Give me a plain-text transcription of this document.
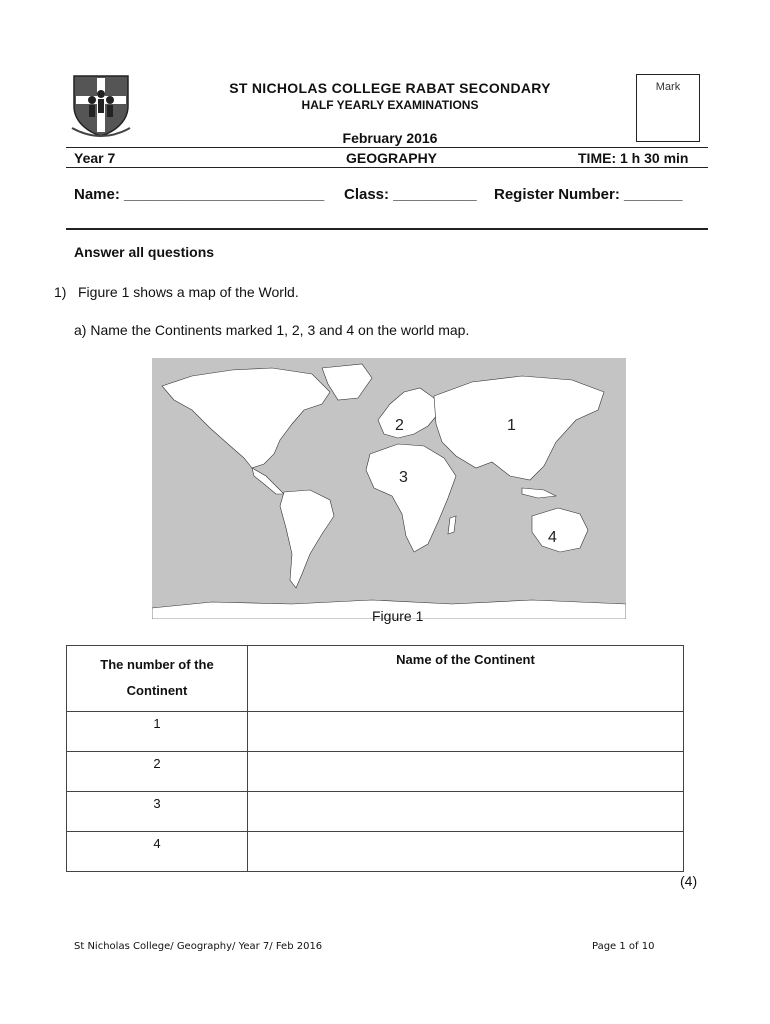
ST NICHOLAS COLLEGE RABAT SECONDARY
HALF YEARLY EXAMINATIONS
February 2016
Mark
Year 7	GEOGRAPHY	TIME: 1 h 30 min
Name: ________________________ Class: __________ Register Number: _______
Answer all questions
1) Figure 1 shows a map of the World.
a) Name the Continents marked 1, 2, 3 and 4 on the world map.
1
2
3
4
Figure 1
The number of the
Continent	Name of the Continent
1	
2	
3	
4	
(4)
St Nicholas College/ Geography/ Year 7/ Feb 2016	Page 1 of 10
